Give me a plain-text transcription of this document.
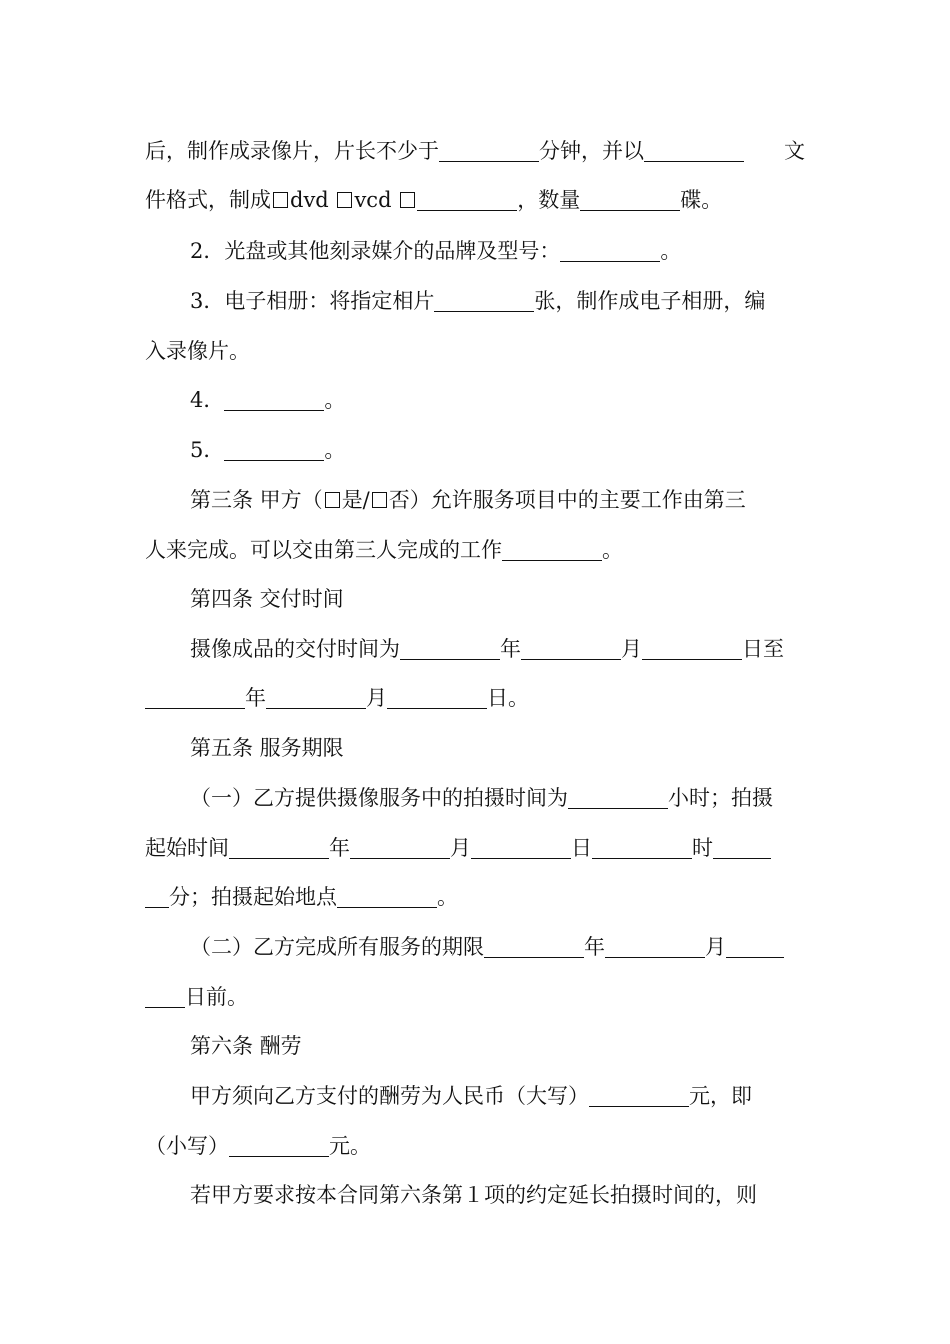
后，制作成录像片，片长不少于	分钟，并以	文
件格式，制成 dvd vcd	，数量	碟。
2．光盘或其他刻录媒介的品牌及型号：	。
3．电子相册：将指定相片	张，制作成电子相册，编
入录像片。
4．	。
5．	。
第三条 甲方（ 是/ 否）允许服务项目中的主要工作由第三
人来完成。可以交由第三人完成的工作	。
第四条 交付时间
摄像成品的交付时间为	年	月	日至
年	月	日。
第五条 服务期限
（一）乙方提供摄像服务中的拍摄时间为	小时；拍摄
起始时间	年	月	日	时
分；拍摄起始地点	。
（二）乙方完成所有服务的期限	年	月
日前。
第六条 酬劳
甲方须向乙方支付的酬劳为人民币（大写）	元，即
（小写）	元。
若甲方要求按本合同第六条第１项的约定延长拍摄时间的，则
